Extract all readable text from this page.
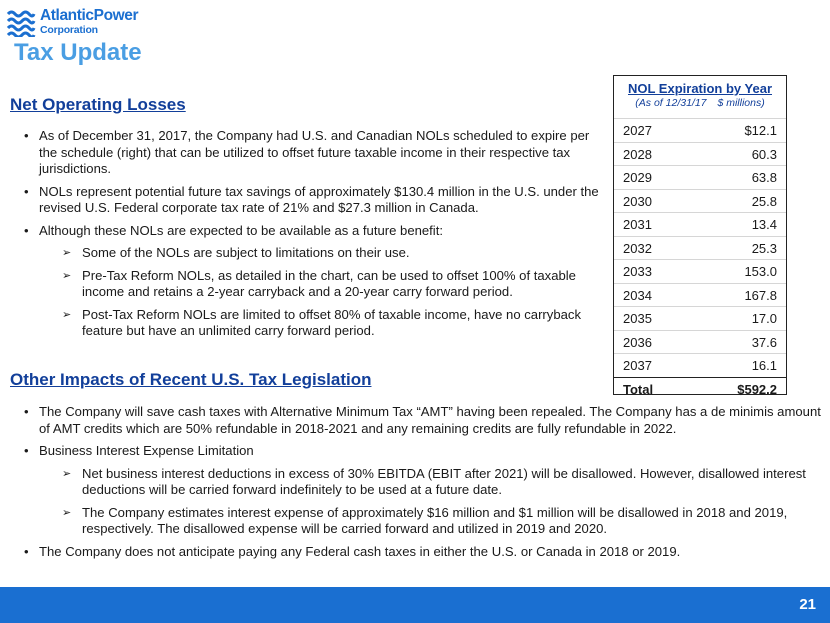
AtlanticPower
Corporation
Tax Update
Net Operating Losses
• As of December 31, 2017, the Company had U.S. and Canadian NOLs scheduled to expire per the schedule (right) that can be utilized to offset future taxable income in their respective tax jurisdictions.
• NOLs represent potential future tax savings of approximately $130.4 million in the U.S. under the revised U.S. Federal corporate tax rate of 21% and $27.3 million in Canada.
• Although these NOLs are expected to be available as a future benefit:
➢ Some of the NOLs are subject to limitations on their use.
➢ Pre-Tax Reform NOLs, as detailed in the chart, can be used to offset 100% of taxable income and retains a 2-year carryback and a 20-year carry forward period.
➢ Post-Tax Reform NOLs are limited to offset 80% of taxable income, have no carryback feature but have an unlimited carry forward period.
Other Impacts of Recent U.S. Tax Legislation
• The Company will save cash taxes with Alternative Minimum Tax “AMT” having been repealed. The Company has a de minimis amount of AMT credits which are 50% refundable in 2018-2021 and any remaining credits are fully refundable in 2022.
• Business Interest Expense Limitation
➢ Net business interest deductions in excess of 30% EBITDA (EBIT after 2021) will be disallowed. However, disallowed interest deductions will be carried forward indefinitely to be used at a future date.
➢ The Company estimates interest expense of approximately $16 million and $1 million will be disallowed in 2018 and 2019, respectively. The disallowed expense will be carried forward and utilized in 2019 and 2020.
• The Company does not anticipate paying any Federal cash taxes in either the U.S. or Canada in 2018 or 2019.
NOL Expiration by Year
(As of 12/31/17 $ millions)
2027	$12.1
2028	60.3
2029	63.8
2030	25.8
2031	13.4
2032	25.3
2033	153.0
2034	167.8
2035	17.0
2036	37.6
2037	16.1
Total	$592.2
21
